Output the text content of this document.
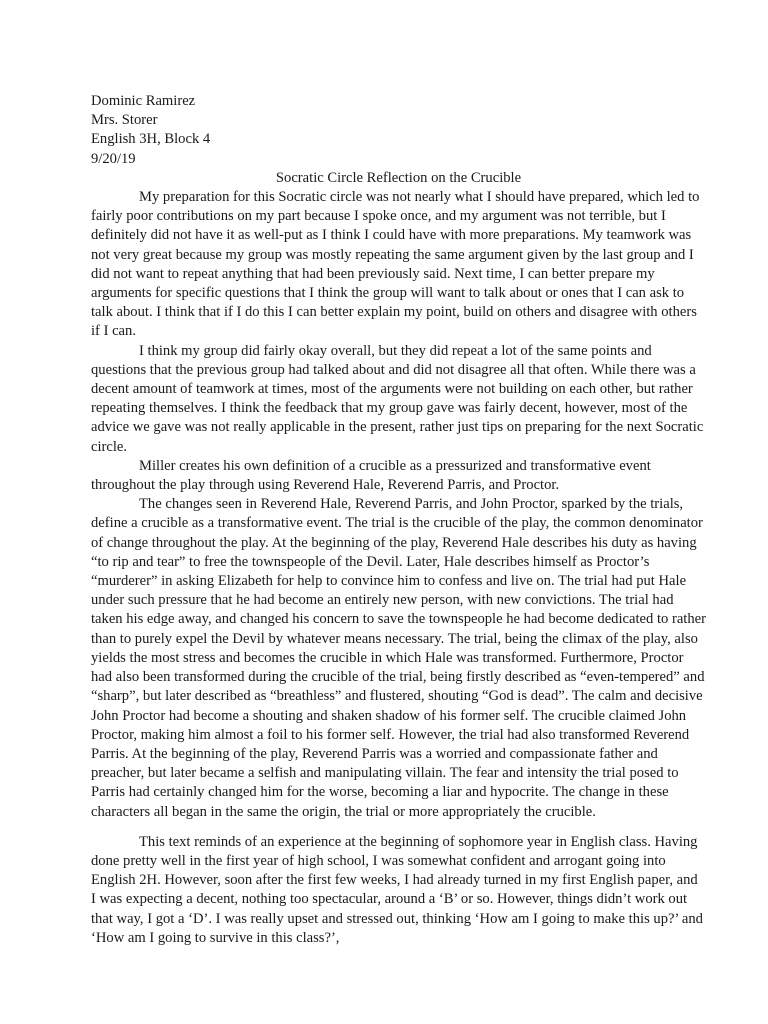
Dominic Ramirez

Mrs. Storer

English 3H, Block 4

9/20/19

Socratic Circle Reflection on the Crucible

My preparation for this Socratic circle was not nearly what I should have prepared, which led to fairly poor contributions on my part because I spoke once, and my argument was not terrible, but I definitely did not have it as well-put as I think I could have with more preparations. My teamwork was not very great because my group was mostly repeating the same argument given by the last group and I did not want to repeat anything that had been previously said. Next time, I can better prepare my arguments for specific questions that I think the group will want to talk about or ones that I can ask to talk about. I think that if I do this I can better explain my point, build on others and disagree with others if I can.

I think my group did fairly okay overall, but they did repeat a lot of the same points and questions that the previous group had talked about and did not disagree all that often. While there was a decent amount of teamwork at times, most of the arguments were not building on each other, but rather repeating themselves. I think the feedback that my group gave was fairly decent, however, most of the advice we gave was not really applicable in the present, rather just tips on preparing for the next Socratic circle.

Miller creates his own definition of a crucible as a pressurized and transformative event throughout the play through using Reverend Hale, Reverend Parris, and Proctor.

The changes seen in Reverend Hale, Reverend Parris, and John Proctor, sparked by the trials, define a crucible as a transformative event. The trial is the crucible of the play, the common denominator of change throughout the play. At the beginning of the play, Reverend Hale describes his duty as having “to rip and tear” to free the townspeople of the Devil. Later, Hale describes himself as Proctor’s “murderer” in asking Elizabeth for help to convince him to confess and live on. The trial had put Hale under such pressure that he had become an entirely new person, with new convictions. The trial had taken his edge away, and changed his concern to save the townspeople he had become dedicated to rather than to purely expel the Devil by whatever means necessary. The trial, being the climax of the play, also yields the most stress and becomes the crucible in which Hale was transformed. Furthermore, Proctor had also been transformed during the crucible of the trial, being firstly described as “even-tempered” and “sharp”, but later described as “breathless” and flustered, shouting “God is dead”. The calm and decisive John Proctor had become a shouting and shaken shadow of his former self. The crucible claimed John Proctor, making him almost a foil to his former self. However, the trial had also transformed Reverend Parris. At the beginning of the play, Reverend Parris was a worried and compassionate father and preacher, but later became a selfish and manipulating villain. The fear and intensity the trial posed to Parris had certainly changed him for the worse, becoming a liar and hypocrite. The change in these characters all began in the same the origin, the trial or more appropriately the crucible.

This text reminds of an experience at the beginning of sophomore year in English class. Having done pretty well in the first year of high school, I was somewhat confident and arrogant going into English 2H. However, soon after the first few weeks, I had already turned in my first English paper, and I was expecting a decent, nothing too spectacular, around a ‘B’ or so. However, things didn’t work out that way, I got a ‘D’. I was really upset and stressed out, thinking ‘How am I going to make this up?’ and ‘How am I going to survive in this class?’,
